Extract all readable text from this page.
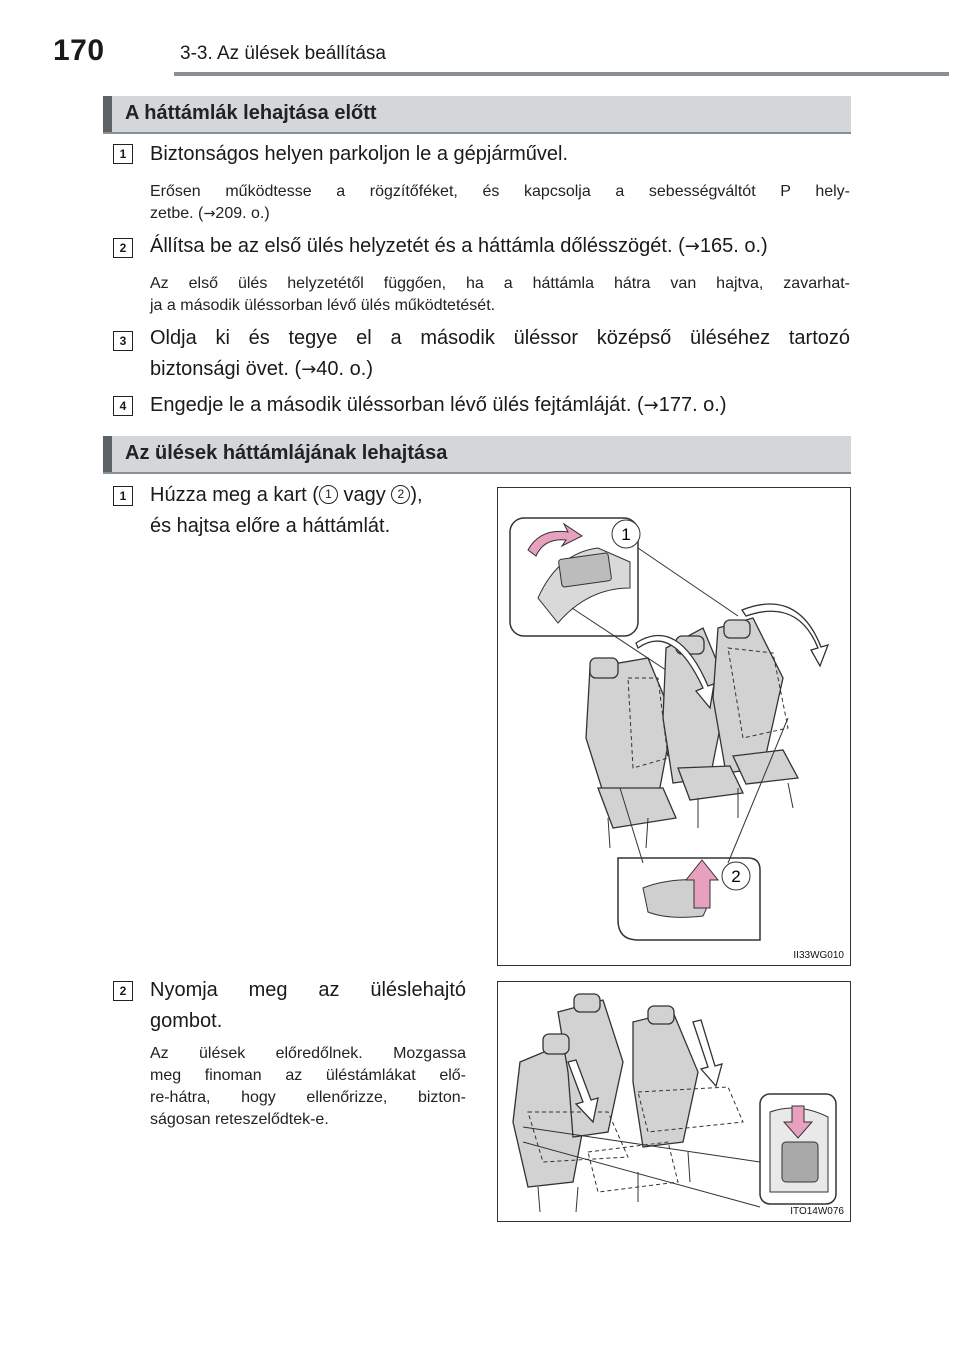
170	3-3. Az ülések beállítása
A háttámlák lehajtása előtt
1	Biztonságos helyen parkoljon le a gépjárművel.
Erősen működtesse a rögzítőféket, és kapcsolja a sebességváltót P hely-
zetbe. (→209. o.)
2	Állítsa be az első ülés helyzetét és a háttámla dőlésszögét. (→165. o.)
Az első ülés helyzetétől függően, ha a háttámla hátra van hajtva, zavarhat-
ja a második üléssorban lévő ülés működtetését.
3	Oldja ki és tegye el a második üléssor középső üléséhez tartozó
biztonsági övet. (→40. o.)
4	Engedje le a második üléssorban lévő ülés fejtámláját. (→177. o.)
Az ülések háttámlájának lehajtása
1	Húzza meg a kart ( 1 vagy 2 ),
és hajtsa előre a háttámlát.	1
2
II33WG010
2	Nyomja meg az üléslehajtó
gombot.
Az ülések előredőlnek. Mozgassa
meg finoman az üléstámlákat elő-
re-hátra, hogy ellenőrizze, bizton-
ságosan reteszelődtek-e.
ITO14W076
